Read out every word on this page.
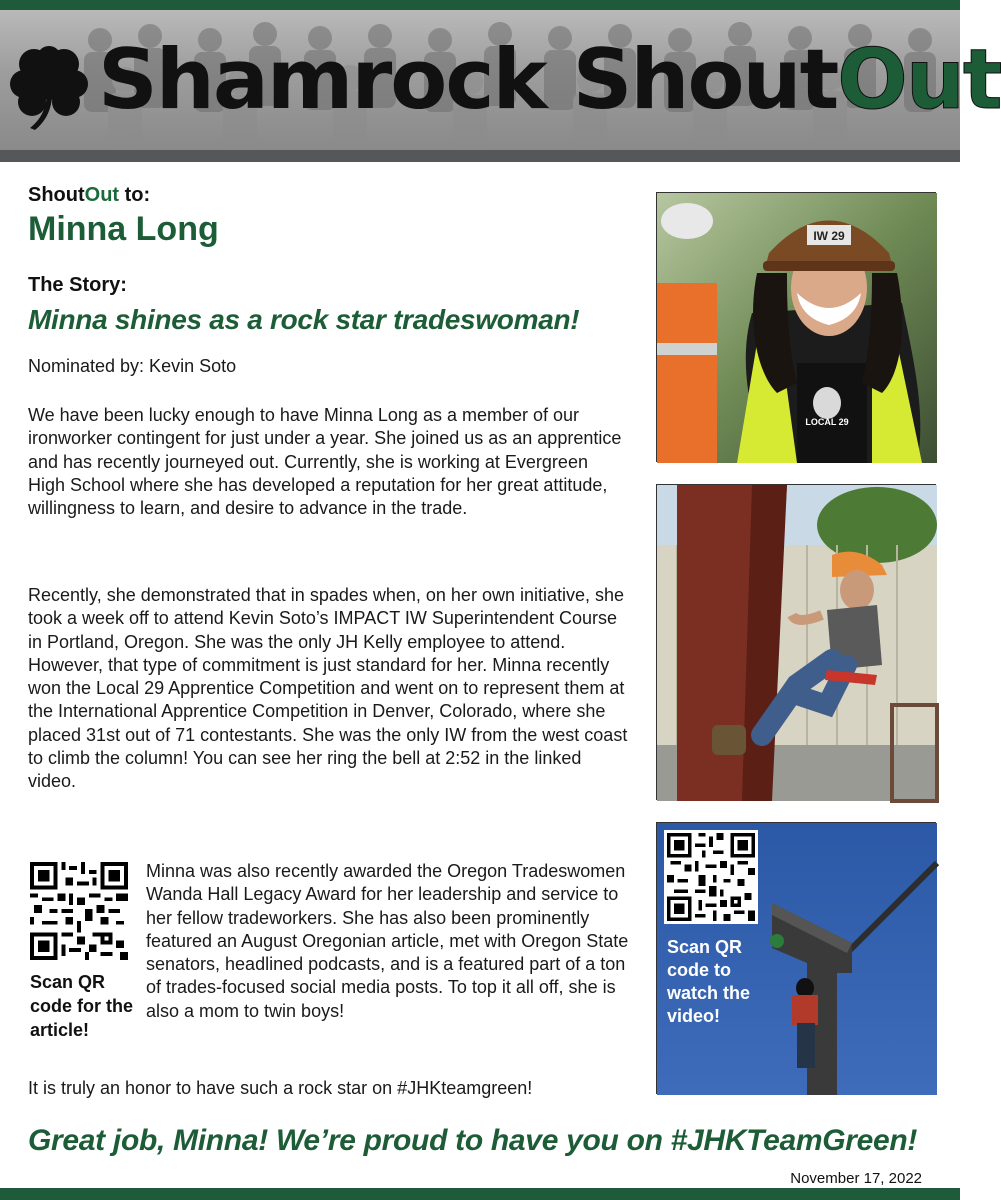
Shamrock ShoutOut
ShoutOut to:
Minna Long
The Story:
Minna shines as a rock star tradeswoman!
Nominated by: Kevin Soto

We have been lucky enough to have Minna Long as a member of our ironworker contingent for just under a year. She joined us as an apprentice and has recently journeyed out. Currently, she is working at Evergreen High School where she has developed a reputation for her great attitude, willingness to learn, and desire to advance in the trade.

Recently, she demonstrated that in spades when, on her own initiative, she took a week off to attend Kevin Soto’s IMPACT IW Superintendent Course in Portland, Oregon. She was the only JH Kelly employee to attend. However, that type of commitment is just standard for her. Minna recently won the Local 29 Apprentice Competition and went on to represent them at the International Apprentice Competition in Denver, Colorado, where she placed 31st out of 71 contestants. She was the only IW from the west coast to climb the column! You can see her ring the bell at 2:52 in the linked video.

Scan QR code for the article!

Minna was also recently awarded the Oregon Tradeswomen Wanda Hall Legacy Award for her leadership and service to her fellow tradeworkers. She has also been prominently featured an August Oregonian article, met with Oregon State senators, headlined podcasts, and is a featured part of a ton of trades-focused social media posts. To top it all off, she is also a mom to twin boys!

It is truly an honor to have such a rock star on #JHKteamgreen!

LOCAL 29
IW 29
Scan QR code to watch the video!
Great job, Minna! We’re proud to have you on #JHKTeamGreen!
November 17, 2022
